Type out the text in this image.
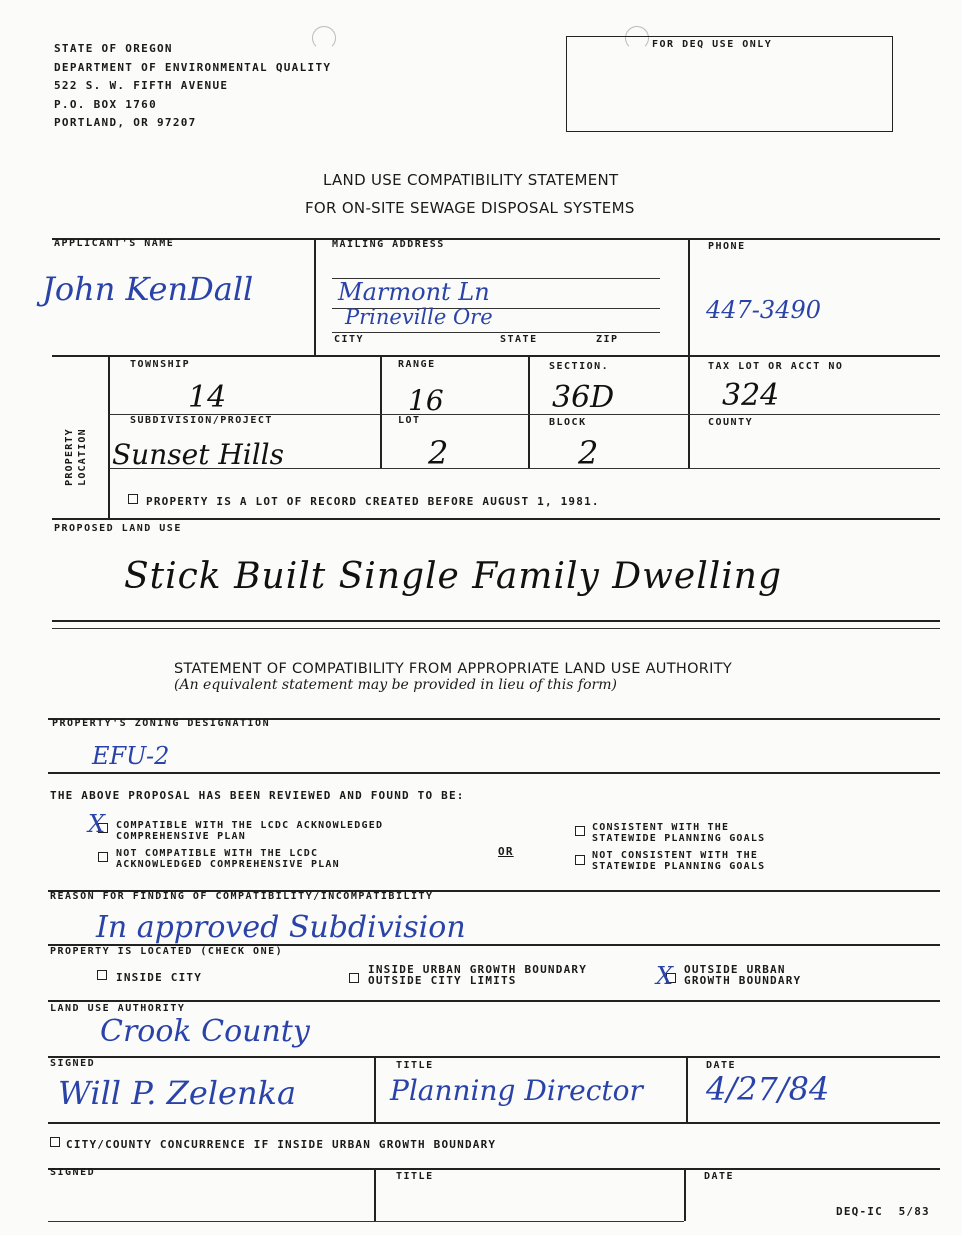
STATE OF OREGON
DEPARTMENT OF ENVIRONMENTAL QUALITY
522 S. W. FIFTH AVENUE
P.O. BOX 1760
PORTLAND, OR 97207
FOR DEQ USE ONLY
LAND USE COMPATIBILITY STATEMENT
FOR ON-SITE SEWAGE DISPOSAL SYSTEMS
APPLICANT'S NAME	MAILING ADDRESS	PHONE
John KenDall	Marmont Ln
Prineville Ore
CITY	STATE	ZIP
447-3490
PROPERTY LOCATION
TOWNSHIP	RANGE	SECTION.	TAX LOT OR ACCT NO
14	16	36D	324
SUBDIVISION/PROJECT	LOT	BLOCK	COUNTY
Sunset Hills	2	2
PROPERTY IS A LOT OF RECORD CREATED BEFORE AUGUST 1, 1981.
PROPOSED LAND USE
Stick Built Single Family Dwelling
STATEMENT OF COMPATIBILITY FROM APPROPRIATE LAND USE AUTHORITY
(An equivalent statement may be provided in lieu of this form)
PROPERTY'S ZONING DESIGNATION
EFU-2
THE ABOVE PROPOSAL HAS BEEN REVIEWED AND FOUND TO BE:
X COMPATIBLE WITH THE LCDC ACKNOWLEDGED
COMPREHENSIVE PLAN
NOT COMPATIBLE WITH THE LCDC
ACKNOWLEDGED COMPREHENSIVE PLAN
OR
CONSISTENT WITH THE
STATEWIDE PLANNING GOALS
NOT CONSISTENT WITH THE
STATEWIDE PLANNING GOALS
REASON FOR FINDING OF COMPATIBILITY/INCOMPATIBILITY
In approved Subdivision
PROPERTY IS LOCATED (CHECK ONE)
INSIDE CITY
INSIDE URBAN GROWTH BOUNDARY
OUTSIDE CITY LIMITS	X OUTSIDE URBAN
GROWTH BOUNDARY
LAND USE AUTHORITY
Crook County
SIGNED	TITLE	DATE
Will P. Zelenka	Planning Director 4/27/84
CITY/COUNTY CONCURRENCE IF INSIDE URBAN GROWTH BOUNDARY
SIGNED	TITLE	DATE
DEQ-IC  5/83
